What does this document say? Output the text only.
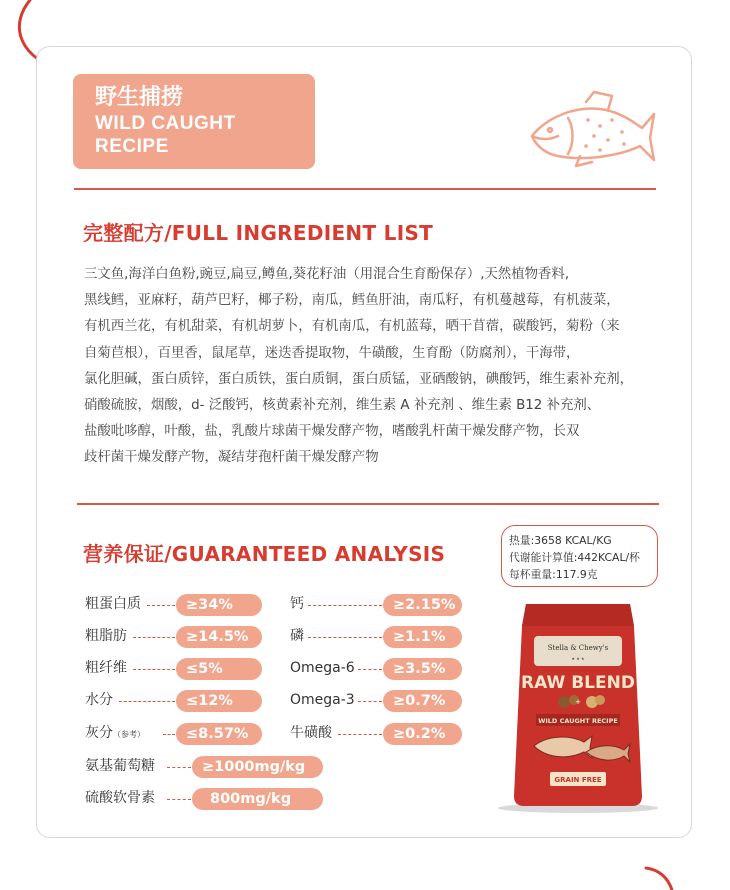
野生捕捞
WILD CAUGHT
RECIPE
完整配方/FULL INGREDIENT LIST
三文鱼,海洋白鱼粉,豌豆,扁豆,鳟鱼,葵花籽油（用混合生育酚保存）,天然植物香料,
黑线鳕，亚麻籽，葫芦巴籽，椰子粉，南瓜，鳕鱼肝油，南瓜籽，有机蔓越莓，有机菠菜，
有机西兰花，有机甜菜，有机胡萝卜，有机南瓜，有机蓝莓，晒干苜蓿，碳酸钙，菊粉（来
自菊苣根），百里香，鼠尾草，迷迭香提取物，牛磺酸，生育酚（防腐剂），干海带，
氯化胆碱，蛋白质锌，蛋白质铁，蛋白质铜，蛋白质锰，亚硒酸钠，碘酸钙，维生素补充剂，
硝酸硫胺，烟酸，d- 泛酸钙，核黄素补充剂，维生素 A 补充剂 、维生素 B12 补充剂、
盐酸吡哆醇，叶酸，盐，乳酸片球菌干燥发酵产物，嗜酸乳杆菌干燥发酵产物，长双
歧杆菌干燥发酵产物，凝结芽孢杆菌干燥发酵产物
营养保证/GUARANTEED ANALYSIS
热量:3658 KCAL/KG
代谢能计算值:442KCAL/杯
每杯重量:117.9克
粗蛋白质	≥34%
粗脂肪	≥14.5%
粗纤维	≤5%
水分	≤12%
灰分（参考）	≤8.57%
钙	≥2.15%
磷	≥1.1%
Omega-6	≥3.5%
Omega-3	≥0.7%
牛磺酸	≥0.2%
氨基葡萄糖	≥1000mg/kg
硫酸软骨素	800mg/kg
Stella & Chewy's
★ ★ ★
RAW BLEND
+
WILD CAUGHT RECIPE
GRAIN FREE
